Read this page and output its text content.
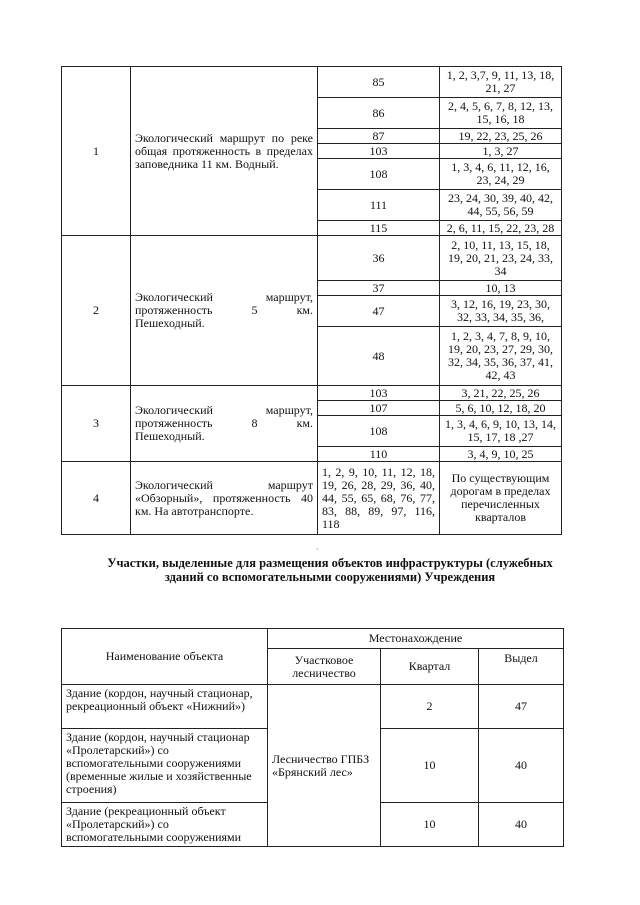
1	Экологический маршрут по реке общая протяженность в пределах заповедника 11 км. Водный.	85	1, 2, 3,7, 9, 11, 13, 18, 21, 27
		86	2, 4, 5, 6, 7, 8, 12, 13, 15, 16, 18
		87	19, 22, 23, 25, 26
		103	1, 3, 27
		108	1, 3, 4, 6, 11, 12, 16, 23, 24, 29
		111	23, 24, 30, 39, 40, 42, 44, 55, 56, 59
		115	2, 6, 11, 15, 22, 23, 28
2	Экологический маршрут, протяженность 5 км. Пешеходный.	36	2, 10, 11, 13, 15, 18, 19, 20, 21, 23, 24, 33, 34
		37	10, 13
		47	3, 12, 16, 19, 23, 30, 32, 33, 34, 35, 36,
		48	1, 2, 3, 4, 7, 8, 9, 10, 19, 20, 23, 27, 29, 30, 32, 34, 35, 36, 37, 41, 42, 43
3	Экологический маршрут, протяженность 8 км. Пешеходный.	103	3, 21, 22, 25, 26
		107	5, 6, 10, 12, 18, 20
		108	1, 3, 4, 6, 9, 10, 13, 14, 15, 17, 18 ,27
		110	3, 4, 9, 10, 25
4	Экологический маршрут «Обзорный», протяженность 40 км. На автотранспорте.	1, 2, 9, 10, 11, 12, 18, 19, 26, 28, 29, 36, 40, 44, 55, 65, 68, 76, 77, 83, 88, 89, 97, 116, 118	По существующим дорогам в пределах перечисленных кварталов
·
Участки, выделенные для размещения объектов инфраструктуры (служебных зданий со вспомогательными сооружениями) Учреждения
Наименование объекта	Местонахождение		
	Участковое лесничество	Квартал	Выдел
Здание (кордон, научный стационар, рекреационный объект «Нижний»)	Лесничество ГПБЗ «Брянский лес»	2	47
Здание (кордон, научный стационар «Пролетарский») со вспомогательными сооружениями (временные жилые и хозяйственные строения)		10	40
Здание (рекреационный объект «Пролетарский») со вспомогательными сооружениями		10	40
